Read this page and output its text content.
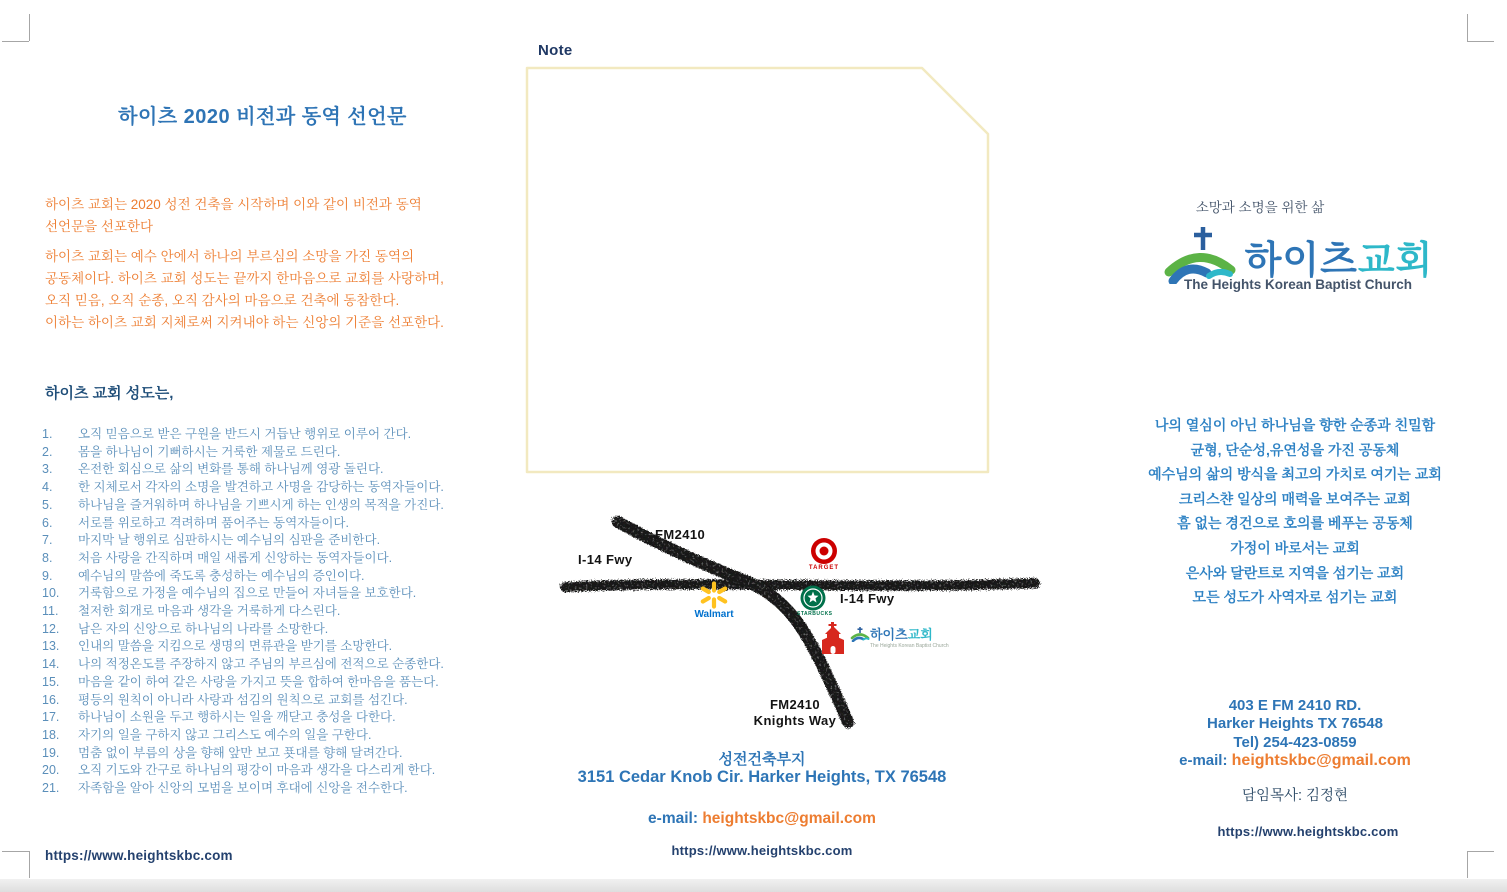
하이츠 2020 비전과 동역 선언문
하이츠 교회는 2020 성전 건축을 시작하며 이와 같이 비전과 동역
선언문을 선포한다
하이츠 교회는 예수 안에서 하나의 부르심의 소망을 가진 동역의
공동체이다. 하이츠 교회 성도는 끝까지 한마음으로 교회를 사랑하며,
오직 믿음, 오직 순종, 오직 감사의 마음으로 건축에 동참한다.
이하는 하이츠 교회 지체로써 지켜내야 하는 신앙의 기준을 선포한다.
하이츠 교회 성도는,
1.	오직 믿음으로 받은 구원을 반드시 거듭난 행위로 이루어 간다.
2.	몸을 하나님이 기뻐하시는 거룩한 제물로 드린다.
3.	온전한 회심으로 삶의 변화를 통해 하나님께 영광 돌린다.
4.	한 지체로서 각자의 소명을 발견하고 사명을 감당하는 동역자들이다.
5.	하나님을 즐거워하며 하나님을 기쁘시게 하는 인생의 목적을 가진다.
6.	서로를 위로하고 격려하며 품어주는 동역자들이다.
7.	마지막 날 행위로 심판하시는 예수님의 심판을 준비한다.
8.	처음 사랑을 간직하며 매일 새롭게 신앙하는 동역자들이다.
9.	예수님의 말씀에 죽도록 충성하는 예수님의 증인이다.
10.	거룩함으로 가정을 예수님의 집으로 만들어 자녀들을 보호한다.
11.	철저한 회개로 마음과 생각을 거룩하게 다스린다.
12.	남은 자의 신앙으로 하나님의 나라를 소망한다.
13.	인내의 말씀을 지킴으로 생명의 면류관을 받기를 소망한다.
14.	나의 적정온도를 주장하지 않고 주님의 부르심에 전적으로 순종한다.
15.	마음을 같이 하여 같은 사랑을 가지고 뜻을 합하여 한마음을 품는다.
16.	평등의 원칙이 아니라 사랑과 섬김의 원칙으로 교회를 섬긴다.
17.	하나님이 소원을 두고 행하시는 일을 깨닫고 충성을 다한다.
18.	자기의 일을 구하지 않고 그리스도 예수의 일을 구한다.
19.	멈춤 없이 부름의 상을 향해 앞만 보고 푯대를 향해 달려간다.
20.	오직 기도와 간구로 하나님의 평강이 마음과 생각을 다스리게 한다.
21.	자족함을 알아 신앙의 모범을 보이며 후대에 신앙을 전수한다.
https://www.heightskbc.com
Note
FM2410
I-14 Fwy
I-14 Fwy
FM2410
Knights Way
TARGET
Walmart	STARBUCKS
하이츠 교회
The Heights Korean Baptist Church
성전건축부지
3151 Cedar Knob Cir. Harker Heights, TX 76548
e-mail: heightskbc@gmail.com
https://www.heightskbc.com
소망과 소명을 위한 삶
하이츠교회
The Heights Korean Baptist Church
나의 열심이 아닌 하나님을 향한 순종과 친밀함
균형, 단순성,유연성을 가진 공동체
예수님의 삶의 방식을 최고의 가치로 여기는 교회
크리스챤 일상의 매력을 보여주는 교회
흠 없는 경건으로 호의를 베푸는 공동체
가정이 바로서는 교회
은사와 달란트로 지역을 섬기는 교회
모든 성도가 사역자로 섬기는 교회
403 E FM 2410 RD.
Harker Heights TX 76548
Tel) 254-423-0859
e-mail: heightskbc@gmail.com
담임목사: 김정현
https://www.heightskbc.com
